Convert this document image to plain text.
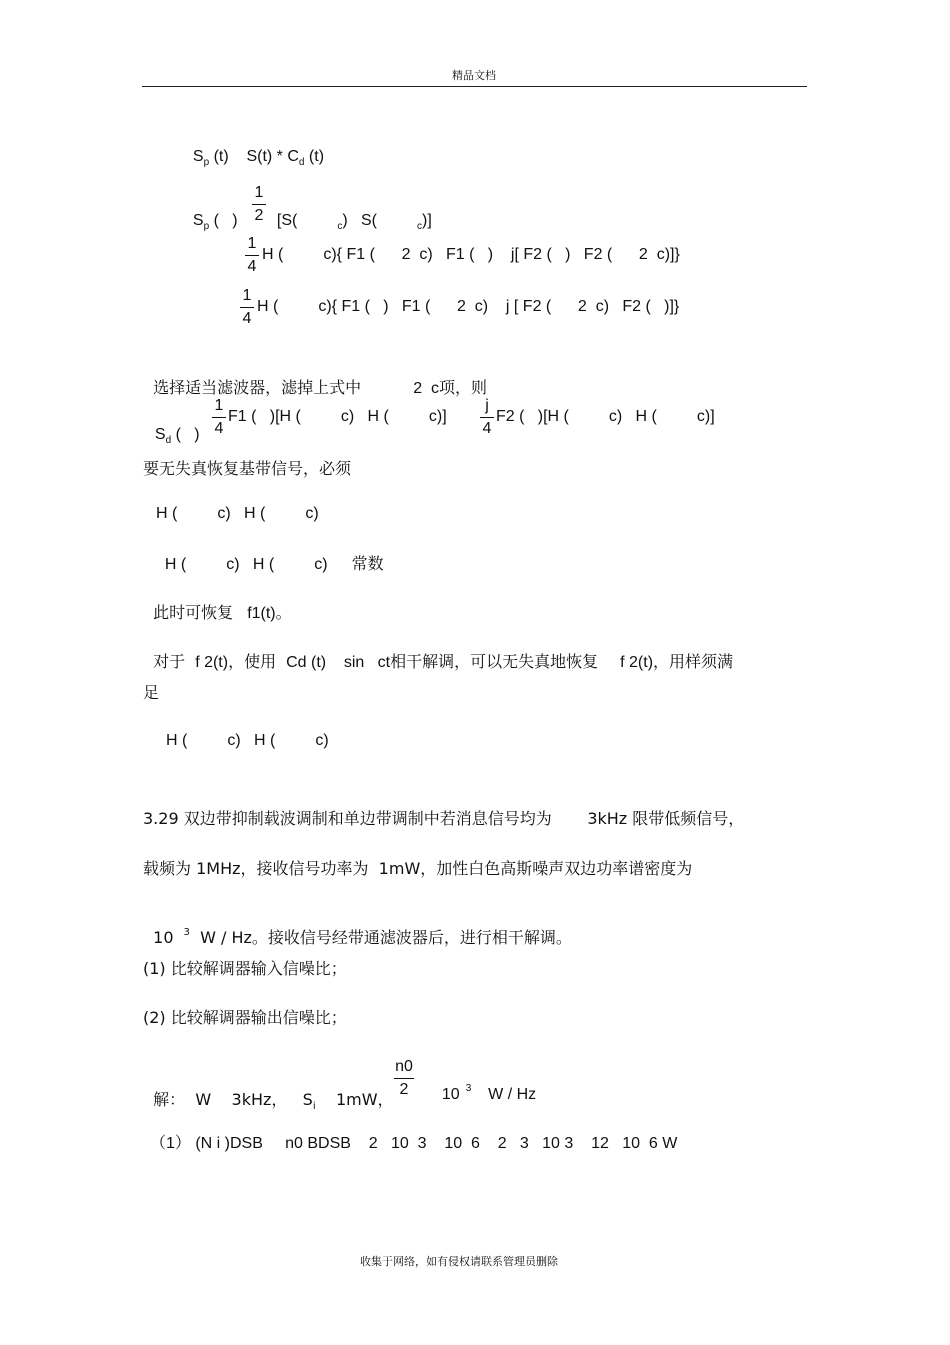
精品文档

$S_p$ (t)    $S(t) * C_d$ (t)

$S_p$ (   )

1
2 [S(         $_c$)   S(         $_c$)]

1
4
H (         c){ F1 (      2  c)   F1 (   )    j[ F2 (   )   F2 (      2  c)]}
1
4
H (         c){ F1 (   )   F1 (      2  c)    j [ F2 (      2  c)   F2 (   )]}

选择适当滤波器，滤掉上式中	2  c项，则

$S_d$ (   )

1
4
F1 (   )[H (         c)   H (         c)]
j
4
F2 (   )[H (         c)   H (         c)]
要无失真恢复基带信号，必须
H (         c)   H (         c)

H (         c)   H (         c) 常数

此时可恢复 f1(t)。

对于 f 2(t)，使用 Cd (t)    sin   ct相干解调，可以无失真地恢复 f 2(t)，用样须满

足
H (         c)   H (         c)
3.29 双边带抑制载波调制和单边带调制中若消息信号均为       3kHz 限带低频信号，
载频为 1MHz，接收信号功率为  1mW，加性白色高斯噪声双边功率谱密度为

10 $^3$  W / Hz。接收信号经带通滤波器后，进行相干解调。

(1) 比较解调器输入信噪比；
(2) 比较解调器输出信噪比；

解：  W    3kHz，   $S_i$    1mW，

n0
2	10 $^3$  W / Hz

（1） (N i )DSB     n0 BDSB    2   10  3    10  6    2   3   10 3    12   10  6 W
收集于网络，如有侵权请联系管理员删除
